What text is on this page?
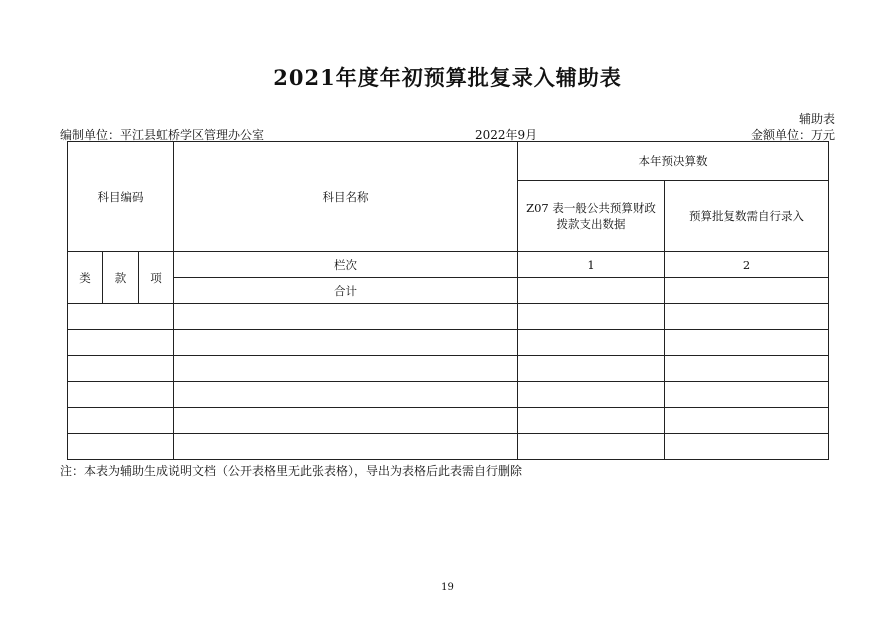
2021年度年初预算批复录入辅助表
辅助表
编制单位：平江县虹桥学区管理办公室	2022年9月	金额单位：万元
科目编码			科目名称	本年预决算数	
				Z07 表一般公共预算财政拨款支出数据	预算批复数需自行录入
类	款	项	栏次	1	2
			合计		

注：本表为辅助生成说明文档（公开表格里无此张表格），导出为表格后此表需自行删除
19
